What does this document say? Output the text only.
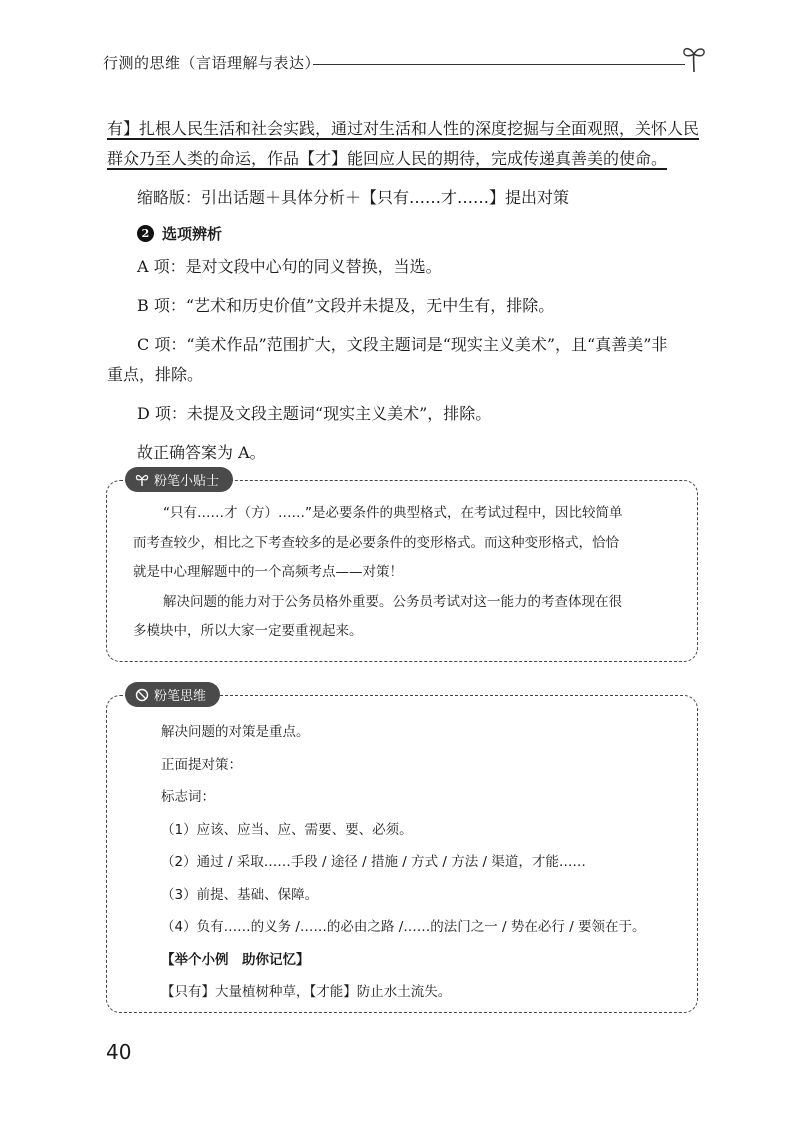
行测的思维（言语理解与表达）

有】扎根人民生活和社会实践，通过对生活和人性的深度挖掘与全面观照，关怀人民

群众乃至人类的命运，作品【才】能回应人民的期待，完成传递真善美的使命。

缩略版：引出话题＋具体分析＋【只有……才……】提出对策

2 选项辨析

A 项：是对文段中心句的同义替换，当选。

B 项：“艺术和历史价值”文段并未提及，无中生有，排除。

C 项：“美术作品”范围扩大，文段主题词是“现实主义美术”，且“真善美”非

重点，排除。

D 项：未提及文段主题词“现实主义美术”，排除。

故正确答案为 A。

粉笔小贴士

“只有……才（方）……”是必要条件的典型格式，在考试过程中，因比较简单

而考查较少，相比之下考查较多的是必要条件的变形格式。而这种变形格式，恰恰

就是中心理解题中的一个高频考点——对策！

解决问题的能力对于公务员格外重要。公务员考试对这一能力的考查体现在很

多模块中，所以大家一定要重视起来。

粉笔思维

解决问题的对策是重点。

正面提对策：

标志词：

（1）应该、应当、应、需要、要、必须。

（2）通过 / 采取……手段 / 途径 / 措施 / 方式 / 方法 / 渠道，才能……

（3）前提、基础、保障。

（4）负有……的义务 /……的必由之路 /……的法门之一 / 势在必行 / 要领在于。

【举个小例　助你记忆】

【只有】大量植树种草，【才能】防止水土流失。

40
